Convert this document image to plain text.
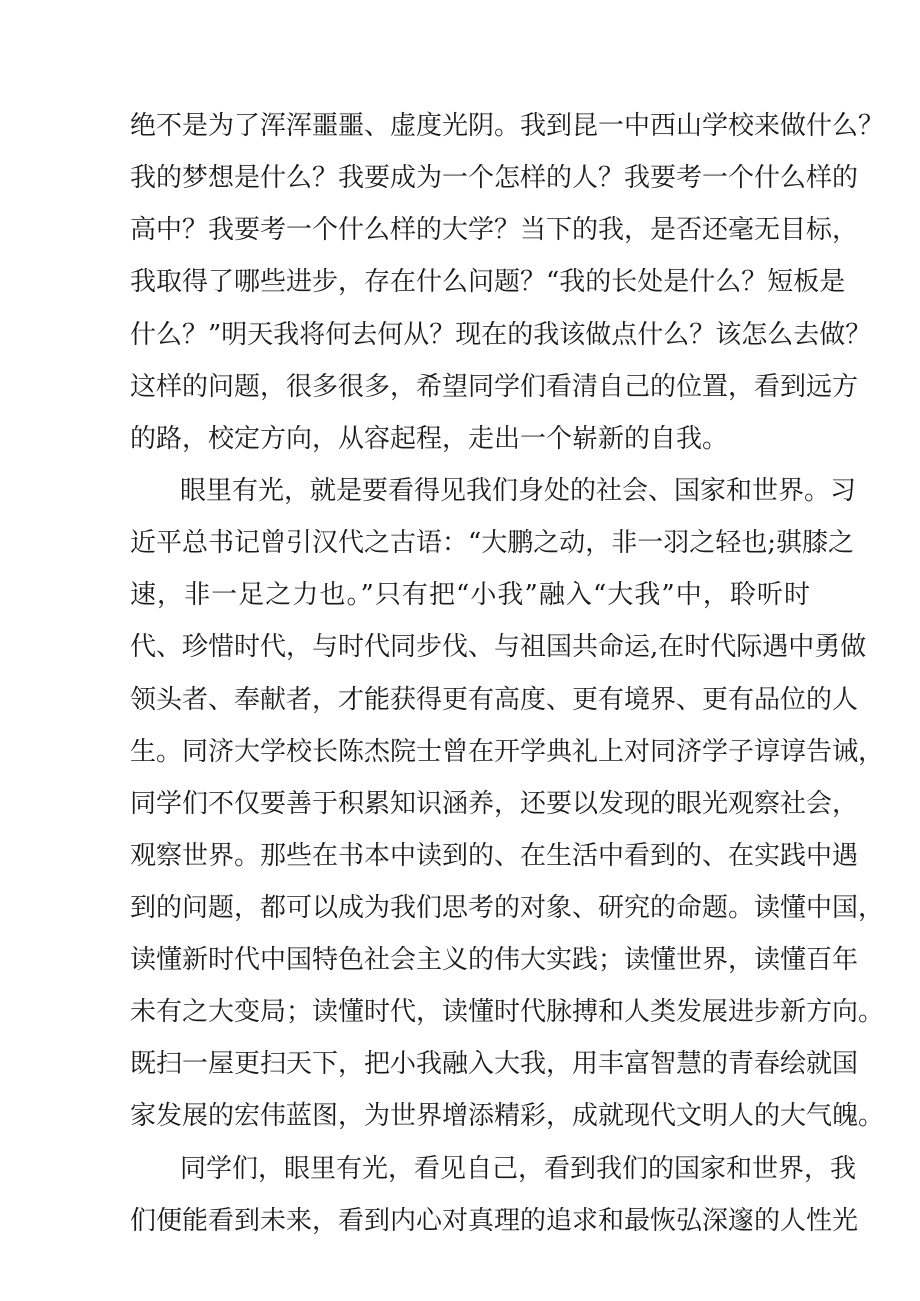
绝不是为了浑浑噩噩、虚度光阴。我到昆一中西山学校来做什么？
我的梦想是什么？我要成为一个怎样的人？我要考一个什么样的
高中？我要考一个什么样的大学？当下的我，是否还毫无目标，
我取得了哪些进步，存在什么问题？“我的长处是什么？短板是
什么？”明天我将何去何从？现在的我该做点什么？该怎么去做？
这样的问题，很多很多，希望同学们看清自己的位置，看到远方
的路，校定方向，从容起程，走出一个崭新的自我。
眼里有光，就是要看得见我们身处的社会、国家和世界。习
近平总书记曾引汉代之古语：“大鹏之动，非一羽之轻也;骐膝之
速，非一足之力也。”只有把“小我”融入“大我”中，聆听时
代、珍惜时代，与时代同步伐、与祖国共命运,在时代际遇中勇做
领头者、奉献者，才能获得更有高度、更有境界、更有品位的人
生。同济大学校长陈杰院士曾在开学典礼上对同济学子谆谆告诫，
同学们不仅要善于积累知识涵养，还要以发现的眼光观察社会，
观察世界。那些在书本中读到的、在生活中看到的、在实践中遇
到的问题，都可以成为我们思考的对象、研究的命题。读懂中国，
读懂新时代中国特色社会主义的伟大实践；读懂世界，读懂百年
未有之大变局；读懂时代，读懂时代脉搏和人类发展进步新方向。
既扫一屋更扫天下，把小我融入大我，用丰富智慧的青春绘就国
家发展的宏伟蓝图，为世界增添精彩，成就现代文明人的大气魄。
同学们，眼里有光，看见自己，看到我们的国家和世界，我
们便能看到未来，看到内心对真理的追求和最恢弘深邃的人性光
